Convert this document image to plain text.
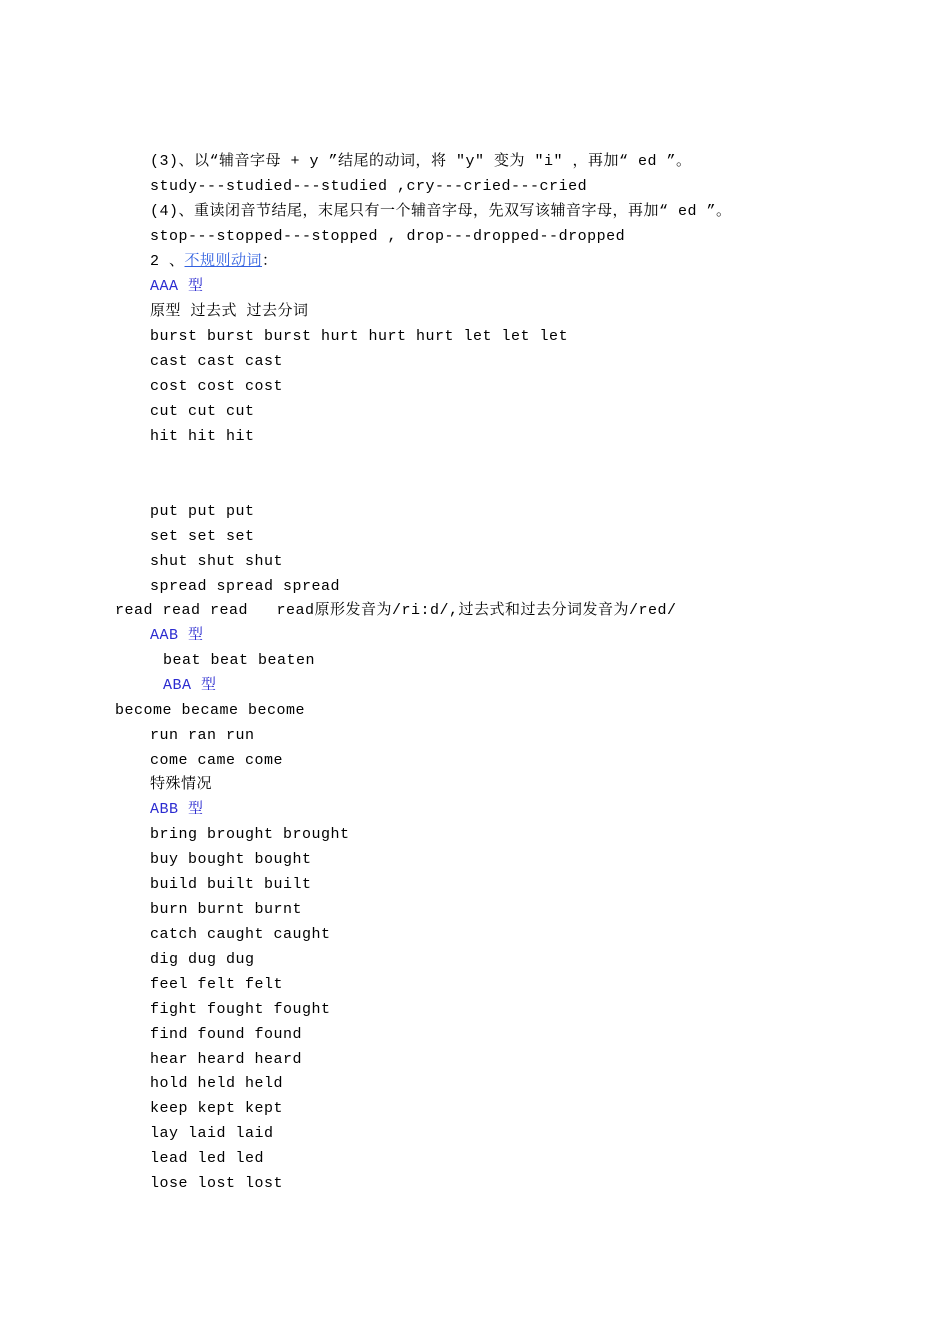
(3)、以“辅音字母 + y ”结尾的动词，将 "y" 变为 "i" ，再加“ ed ”。
study---studied---studied ,cry---cried---cried
(4)、重读闭音节结尾，末尾只有一个辅音字母，先双写该辅音字母，再加“ ed ”。
stop---stopped---stopped , drop---dropped--dropped
2 、不规则动词：
AAA 型
原型 过去式 过去分词
burst burst burst hurt hurt hurt let let let
cast cast cast
cost cost cost
cut cut cut
hit hit hit
put put put
set set set
shut shut shut
spread spread spread
read read read   read原形发音为/ri:d/,过去式和过去分词发音为/red/
AAB 型
beat beat beaten
ABA 型
become became become
run ran run
come came come
特殊情况
ABB 型
bring brought brought
buy bought bought
build built built
burn burnt burnt
catch caught caught
dig dug dug
feel felt felt
fight fought fought
find found found
hear heard heard
hold held held
keep kept kept
lay laid laid
lead led led
lose lost lost
